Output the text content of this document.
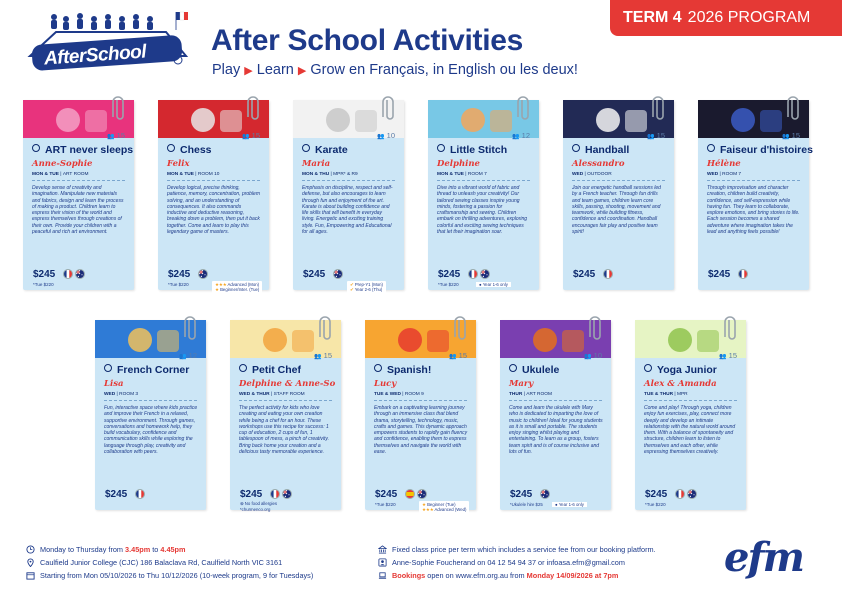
AfterSchool After School Activities
Play ▶ Learn ▶ Grow en Français, in English ou les deux!
TERM 4 2026 PROGRAM
👥 15
ART never sleeps
Anne-Sophie
MON & TUE | ART ROOM
Develop sense of creativity and imagination. Manipulate new materials and fabrics, design and learn the process of making a product. Children learn to express their vision of the world and express themselves through creations of their own. Provide your children with a peaceful and rich art environment.
$245
*Tue $220
👥 15
Chess
Felix
MON & TUE | ROOM 10
Develop logical, precise thinking, patience, memory, concentration, problem solving, and an understanding of consequences. It also commands inductive and deductive reasoning, breaking down a problem, then put it back together. Come and learn to play this legendary game of masters.
$245
*Tue $220	★★★ Advanced (Mon)
★ Beginner/Inter. (Tue)
👥 10
Karate
Maria
MON & THU | MPR* & R9
Emphasis on discipline, respect and self-defense, but also encourages to learn through fun and enjoyment of the art. Karate is about building confidence and life skills that will benefit in everyday living. Energetic and exciting training style. Fun, Empowering and Educational for all ages.
$245
✔ Prep-Y1 (Mon)
✔ Year 2-6 (Thu)
👥 12
Little Stitch
Delphine
MON & TUE | ROOM 7
Dive into a vibrant world of fabric and thread to unleash your creativity! Our tailored sewing classes inspire young minds, fostering a passion for craftsmanship and sewing. Children embark on thrilling adventures, exploring colorful and exciting sewing techniques that let their imagination soar.
$245
*Tue $220	● Year 1-6 only
👥 15
Handball
Alessandro
WED | OUTDOOR
Join our energetic handball sessions led by a French teacher. Through fun drills and team games, children learn core skills, passing, shooting, movement and teamwork, while building fitness, confidence and coordination. Handball encourages fair play and positive team spirit!
$245
👥 15
Faiseur d'histoires
Hélène
WED | ROOM 7
Through improvisation and character creation, children build creativity, confidence, and self-expression while having fun. They learn to collaborate, explore emotions, and bring stories to life. Each session becomes a shared adventure where imagination takes the lead and anything feels possible!
$245
👥 12
French Corner
Lisa
WED | ROOM 3
Fun, interactive space where kids practice and improve their French in a relaxed, supportive environment. Through games, conversations and homework help, they build vocabulary, confidence and communication skills while exploring the language through play, creativity and collaboration with peers.
$245
👥 15
Petit Chef
Delphine & Anne-So
WED & THUR | STAFF ROOM
The perfect activity for kids who love creating and eating your own creation while being a chef for an hour. These workshops use this recipe for success: 1 cup of education, 2 cups of fun, 1 tablespoon of mess, a pinch of creativity. Bring back home your creation and a delicious tasty memorable experience.
$245
⊗ No food allergies
*churmenco.org
👥 15
Spanish!
Lucy
TUE & WED | ROOM 9
Embark on a captivating learning journey through an immersive class that blend drama, storytelling, technology, music, crafts and games. This dynamic approach empowers students to rapidly gain fluency and confidence, enabling them to express themselves and navigate the world with ease.
$245
*Tue $220	★ Beginner (Tue)
★★★ Advanced (Wed)
👥 10
Ukulele
Mary
THUR | ART ROOM
Come and learn the ukulele with Mary who is dedicated to imparting the love of music to children! Ideal for young students as it is small and portable. The students enjoy singing whilst playing and entertaining. To learn as a group, fosters team spirit and is of course inclusive and lots of fun.
$245
*Ukulele hire $25	● Year 1-6 only
👥 15
Yoga Junior
Alex & Amanda
TUE & THUR | MPR
Come and play! Through yoga, children enjoy fun exercises, play, connect more deeply and develop an intimate relationship with the natural world around them. With a balance of spontaneity and structure, children learn to listen to themselves and each other, while expressing themselves creatively.
$245
*Tue $220
Monday to Thursday from 3.45pm to 4.45pm
Caulfield Junior College (CJC) 186 Balaclava Rd, Caulfield North VIC 3161
Starting from Mon 05/10/2026 to Thu 10/12/2026 (10-week program, 9 for Tuesdays)
Fixed class price per term which includes a service fee from our booking platform.
Anne-Sophie Foucherand on 04 12 54 94 37 or infoasa.efm@gmail.com
Bookings open on www.efm.org.au from Monday 14/09/2026 at 7pm	efm
